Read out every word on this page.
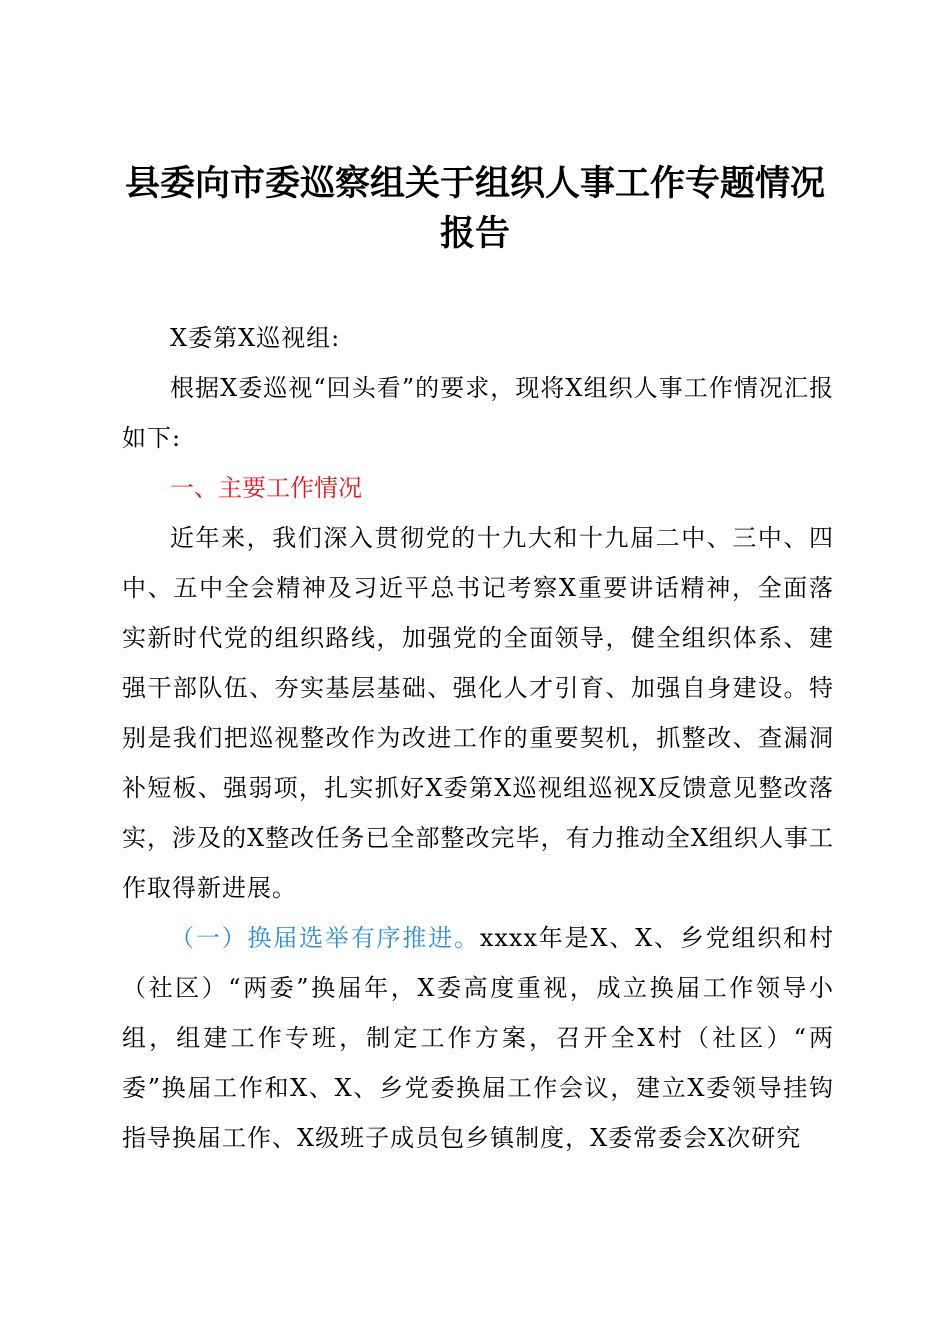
县委向市委巡察组关于组织人事工作专题情况
报告

X委第X巡视组:

根据X委巡视“回头看”的要求，现将X组织人事工作情况汇报如下:

一、主要工作情况

近年来，我们深入贯彻党的十九大和十九届二中、三中、四中、五中全会精神及习近平总书记考察X重要讲话精神，全面落实新时代党的组织路线，加强党的全面领导，健全组织体系、建强干部队伍、夯实基层基础、强化人才引育、加强自身建设。特别是我们把巡视整改作为改进工作的重要契机，抓整改、查漏洞补短板、强弱项，扎实抓好X委第X巡视组巡视X反馈意见整改落实，涉及的X整改任务已全部整改完毕，有力推动全X组织人事工作取得新进展。

（一）换届选举有序推进。xxxx年是X、X、乡党组织和村（社区）“两委”换届年，X委高度重视，成立换届工作领导小组，组建工作专班，制定工作方案，召开全X村（社区）“两委”换届工作和X、X、乡党委换届工作会议，建立X委领导挂钩指导换届工作、X级班子成员包乡镇制度，X委常委会X次研究
